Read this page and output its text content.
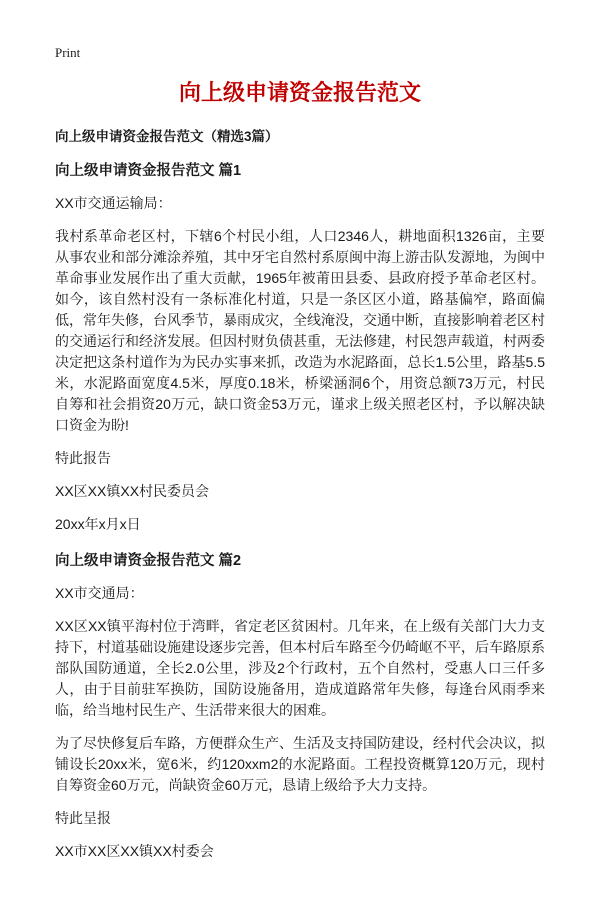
Print
向上级申请资金报告范文

向上级申请资金报告范文（精选3篇）

向上级申请资金报告范文 篇1

XX市交通运输局：

我村系革命老区村，下辖6个村民小组，人口2346人，耕地面积1326亩，主要从事农业和部分滩涂养殖，其中牙宅自然村系原闽中海上游击队发源地，为闽中革命事业发展作出了重大贡献，1965年被莆田县委、县政府授予革命老区村。如今，该自然村没有一条标准化村道，只是一条区区小道，路基偏窄，路面偏低，常年失修，台风季节，暴雨成灾，全线淹没，交通中断，直接影响着老区村的交通运行和经济发展。但因村财负债甚重，无法修建，村民怨声载道，村两委决定把这条村道作为为民办实事来抓，改造为水泥路面，总长1.5公里，路基5.5米，水泥路面宽度4.5米，厚度0.18米，桥梁涵洞6个，用资总额73万元，村民自筹和社会捐资20万元，缺口资金53万元，谨求上级关照老区村，予以解决缺口资金为盼!

特此报告

XX区XX镇XX村民委员会

20xx年x月x日

向上级申请资金报告范文 篇2

XX市交通局：

XX区XX镇平海村位于湾畔，省定老区贫困村。几年来，在上级有关部门大力支持下，村道基础设施建设逐步完善，但本村后车路至今仍崎岖不平，后车路原系部队国防通道，全长2.0公里，涉及2个行政村，五个自然村，受惠人口三仟多人，由于目前驻军换防，国防设施备用，造成道路常年失修，每逢台风雨季来临，给当地村民生产、生活带来很大的困难。

为了尽快修复后车路，方便群众生产、生活及支持国防建设，经村代会决议，拟铺设长20xx米，宽6米，约120xxm2的水泥路面。工程投资概算120万元，现村自筹资金60万元，尚缺资金60万元，恳请上级给予大力支持。

特此呈报

XX市XX区XX镇XX村委会
